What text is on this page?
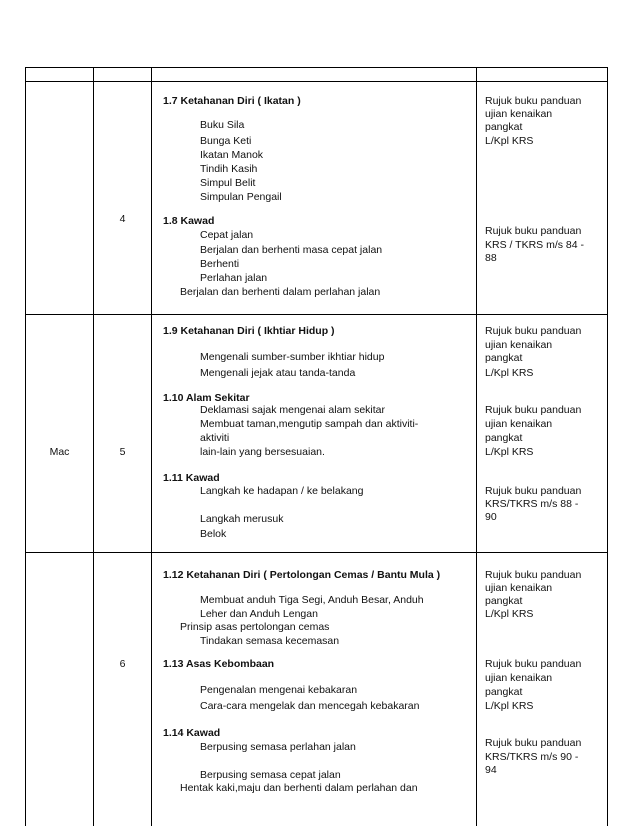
4
1.7 Ketahanan Diri ( Ikatan )
Buku Sila
Bunga Keti
Ikatan Manok
Tindih Kasih
Simpul Belit
Simpulan Pengail
1.8 Kawad
Cepat jalan
Berjalan dan berhenti masa cepat jalan
Berhenti
Perlahan jalan
Berjalan dan berhenti dalam perlahan jalan
Rujuk buku panduan
ujian kenaikan
pangkat
L/Kpl KRS
Rujuk buku panduan
KRS / TKRS m/s 84 -
88
Mac	5
1.9 Ketahanan Diri ( Ikhtiar Hidup )
Mengenali sumber-sumber ikhtiar hidup
Mengenali jejak atau tanda-tanda
1.10 Alam Sekitar
Deklamasi sajak mengenai alam sekitar
Membuat taman,mengutip sampah dan aktiviti-
aktiviti
lain-lain yang bersesuaian.
1.11 Kawad
Langkah ke hadapan / ke belakang
Langkah merusuk
Belok
Rujuk buku panduan
ujian kenaikan
pangkat
L/Kpl KRS
Rujuk buku panduan
ujian kenaikan
pangkat
L/Kpl KRS
Rujuk buku panduan
KRS/TKRS m/s 88 -
90
6
1.12 Ketahanan Diri ( Pertolongan Cemas / Bantu Mula )
Membuat anduh Tiga Segi, Anduh Besar, Anduh
Leher dan Anduh Lengan
Prinsip asas pertolongan cemas
Tindakan semasa kecemasan
1.13 Asas Kebombaan
Pengenalan mengenai kebakaran
Cara-cara mengelak dan mencegah kebakaran
1.14 Kawad
Berpusing semasa perlahan jalan
Berpusing semasa cepat jalan
Hentak kaki,maju dan berhenti dalam perlahan dan
Rujuk buku panduan
ujian kenaikan
pangkat
L/Kpl KRS
Rujuk buku panduan
ujian kenaikan
pangkat
L/Kpl KRS
Rujuk buku panduan
KRS/TKRS m/s 90 -
94
